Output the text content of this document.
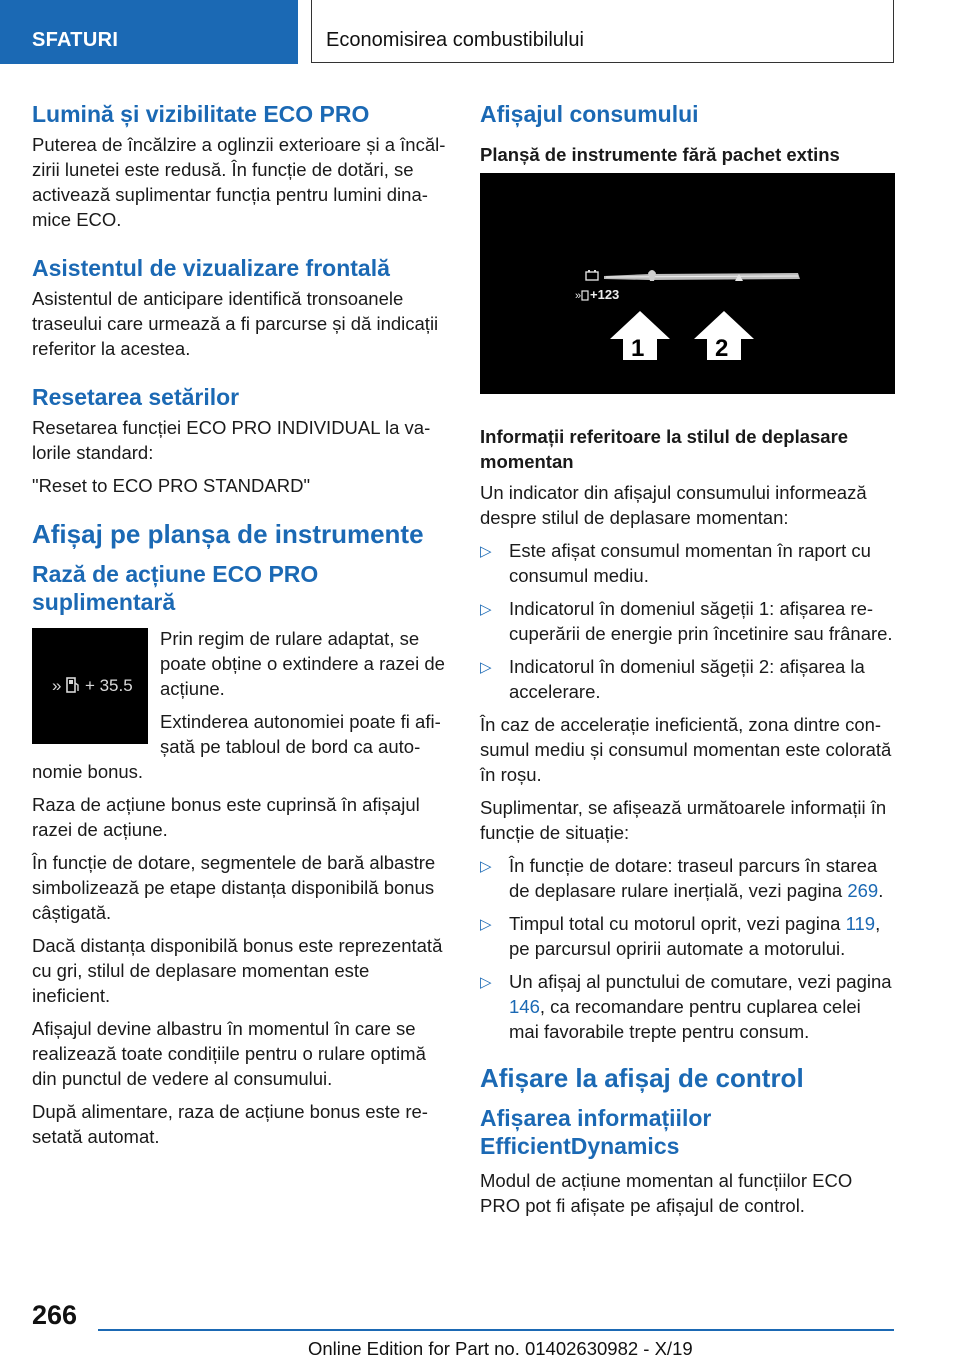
SFATURI	Economisirea combustibilului
Lumină și vizibilitate ECO PRO

Puterea de încălzire a oglinzii exterioare și a încălzirii lunetei este redusă. În funcție de dotări, se activează suplimentar funcția pentru lumini dinamice ECO.

Asistentul de vizualizare frontală

Asistentul de anticipare identifică tronsoanele traseului care urmează a fi parcurse și dă indicații referitor la acestea.

Resetarea setărilor

Resetarea funcției ECO PRO INDIVIDUAL la valorile standard:

"Reset to ECO PRO STANDARD"

Afișaj pe planșa de instrumente
Rază de acțiune ECO PRO suplimentară
» + 35.5

Prin regim de rulare adaptat, se poate obține o extindere a razei de acțiune.

Extinderea autonomiei poate fi afișată pe tabloul de bord ca autonomie bonus.

Raza de acțiune bonus este cuprinsă în afișajul razei de acțiune.

În funcție de dotare, segmentele de bară albastre simbolizează pe etape distanța disponibilă bonus câștigată.

Dacă distanța disponibilă bonus este reprezentată cu gri, stilul de deplasare momentan este ineficient.

Afișajul devine albastru în momentul în care se realizează toate condițiile pentru o rulare optimă din punctul de vedere al consumului.

După alimentare, raza de acțiune bonus este resetată automat.

Afișajul consumului
Planșă de instrumente fără pachet extins
» +123
1	2
Informații referitoare la stilul de deplasare momentan

Un indicator din afișajul consumului informează despre stilul de deplasare momentan:

▷ Este afișat consumul momentan în raport cu consumul mediu.
▷ Indicatorul în domeniul săgeții 1: afișarea recuperării de energie prin încetinire sau frânare.
▷ Indicatorul în domeniul săgeții 2: afișarea la accelerare.

În caz de accelerație ineficientă, zona dintre consumul mediu și consumul momentan este colorată în roșu.

Suplimentar, se afișează următoarele informații în funcție de situație:

▷ În funcție de dotare: traseul parcurs în starea de deplasare rulare inerțială, vezi pagina 269.
▷ Timpul total cu motorul oprit, vezi pagina 119, pe parcursul opririi automate a motorului.
▷ Un afișaj al punctului de comutare, vezi pagina 146, ca recomandare pentru cuplarea celei mai favorabile trepte pentru consum.
Afișare la afișaj de control
Afișarea informațiilor EfficientDynamics

Modul de acțiune momentan al funcțiilor ECO PRO pot fi afișate pe afișajul de control.

266
Online Edition for Part no. 01402630982 - X/19
